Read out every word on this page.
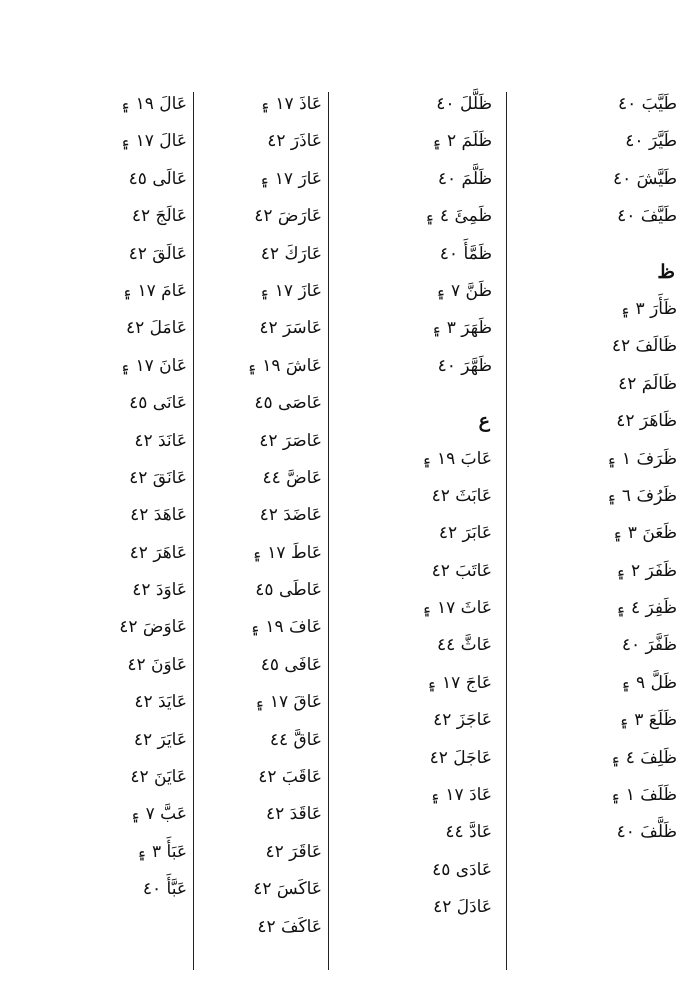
طَيَّبَ ٤٠
طَيَّرَ ٤٠
طَيَّشَ ٤٠
طَيَّفَ ٤٠
ظ
ظَأَرَ ٣ ۽
ظَالَفَ ٤٢
ظَالَمَ ٤٢
ظَاهَرَ ٤٢
ظَرَفَ ١ ۽
ظَرُفَ ٦ ۽
ظَعَنَ ٣ ۽
ظَفَرَ ٢ ۽
ظَفِرَ ٤ ۽
ظَفَّرَ ٤٠
ظَلَّ ٩ ۽
ظَلَعَ ٣ ۽
ظَلِفَ ٤ ۽
ظَلَفَ ١ ۽
ظَلَّفَ ٤٠
ظَلَّلَ ٤٠
ظَلَمَ ٢ ۽
ظَلَّمَ ٤٠
ظَمِئَ ٤ ۽
ظَمَّأَ ٤٠
ظَنَّ ٧ ۽
ظَهَرَ ٣ ۽
ظَهَّرَ ٤٠
ع
عَابَ ١٩ ۽
عَابَثَ ٤٢
عَابَرَ ٤٢
عَاتَبَ ٤٢
عَاثَ ١٧ ۽
عَاثَّ ٤٤
عَاجَ ١٧ ۽
عَاجَزَ ٤٢
عَاجَلَ ٤٢
عَادَ ١٧ ۽
عَادَّ ٤٤
عَادَى ٤٥
عَادَلَ ٤٢
عَاذَ ١٧ ۽
عَاذَرَ ٤٢
عَارَ ١٧ ۽
عَارَضَ ٤٢
عَارَكَ ٤٢
عَازَ ١٧ ۽
عَاسَرَ ٤٢
عَاشَ ١٩ ۽
عَاصَى ٤٥
عَاصَرَ ٤٢
عَاضَّ ٤٤
عَاضَدَ ٤٢
عَاطَ ١٧ ۽
عَاطَى ٤٥
عَافَ ١٩ ۽
عَافَى ٤٥
عَاقَ ١٧ ۽
عَاقَّ ٤٤
عَاقَبَ ٤٢
عَاقَدَ ٤٢
عَاقَرَ ٤٢
عَاكَسَ ٤٢
عَاكَفَ ٤٢
عَالَ ١٩ ۽
عَالَ ١٧ ۽
عَالَى ٤٥
عَالَجَ ٤٢
عَالَقَ ٤٢
عَامَ ١٧ ۽
عَامَلَ ٤٢
عَانَ ١٧ ۽
عَانَى ٤٥
عَانَدَ ٤٢
عَانَقَ ٤٢
عَاهَدَ ٤٢
عَاهَرَ ٤٢
عَاوَدَ ٤٢
عَاوَضَ ٤٢
عَاوَنَ ٤٢
عَايَدَ ٤٢
عَايَرَ ٤٢
عَايَنَ ٤٢
عَبَّ ٧ ۽
عَبَأَ ٣ ۽
عَبَّأَ ٤٠
